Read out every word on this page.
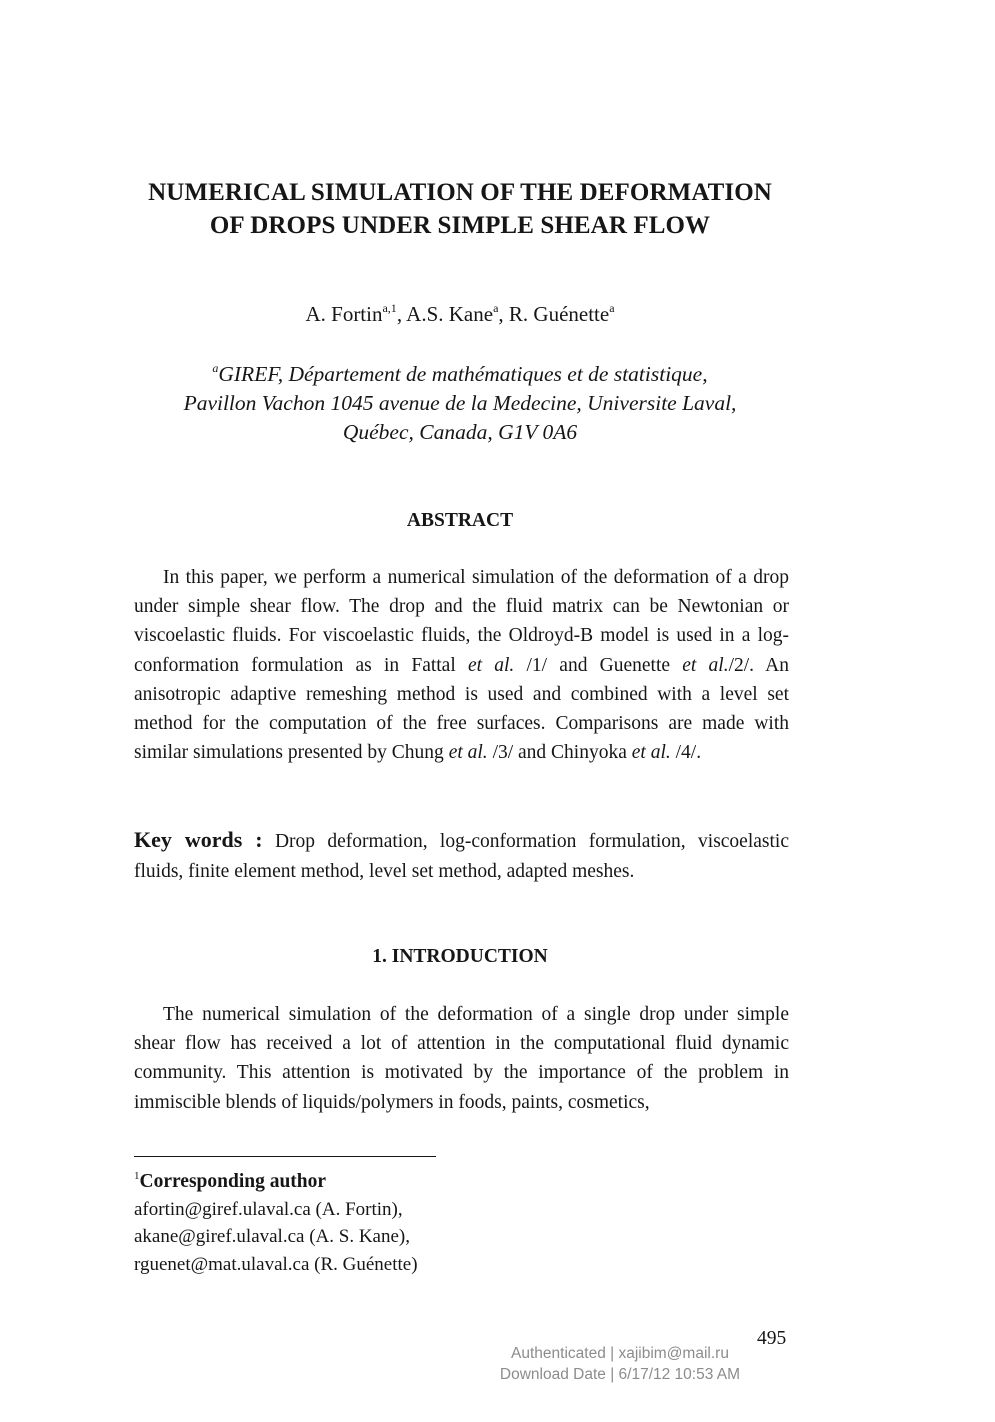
NUMERICAL SIMULATION OF THE DEFORMATION
OF DROPS UNDER SIMPLE SHEAR FLOW
A. Fortin$^{a,1}$, A.S. Kane$^a$, R. Guénette$^a$
$^a$GIREF, Département de mathématiques et de statistique,
Pavillon Vachon 1045 avenue de la Medecine, Universite Laval,
Québec, Canada, G1V 0A6
ABSTRACT
In this paper, we perform a numerical simulation of the deformation of a drop under simple shear flow. The drop and the fluid matrix can be Newtonian or viscoelastic fluids. For viscoelastic fluids, the Oldroyd-B model is used in a log-conformation formulation as in Fattal et al. /1/ and Guenette et al./2/. An anisotropic adaptive remeshing method is used and combined with a level set method for the computation of the free surfaces. Comparisons are made with similar simulations presented by Chung et al. /3/ and Chinyoka et al. /4/.
Key words : Drop deformation, log-conformation formulation, viscoelastic fluids, finite element method, level set method, adapted meshes.
1. INTRODUCTION
The numerical simulation of the deformation of a single drop under simple shear flow has received a lot of attention in the computational fluid dynamic community. This attention is motivated by the importance of the problem in immiscible blends of liquids/polymers in foods, paints, cosmetics,
$^1$Corresponding author
afortin@giref.ulaval.ca (A. Fortin),
akane@giref.ulaval.ca (A. S. Kane),
rguenet@mat.ulaval.ca (R. Guénette)
495
Authenticated | xajibim@mail.ru
Download Date | 6/17/12 10:53 AM
